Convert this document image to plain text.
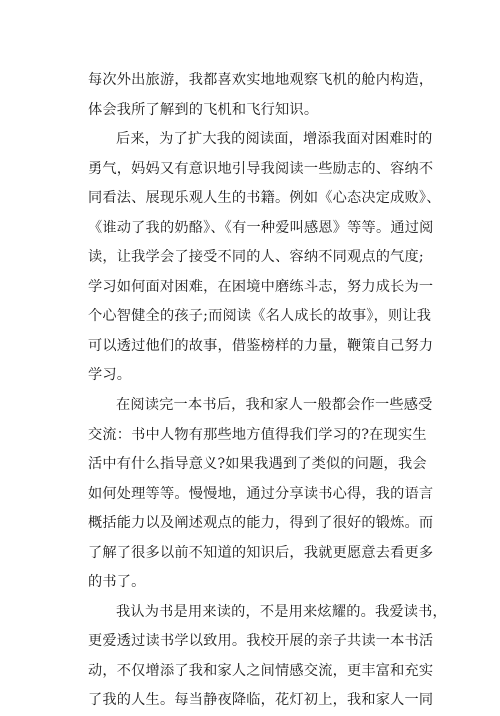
每次外出旅游，我都喜欢实地地观察飞机的舱内构造，
体会我所了解到的飞机和飞行知识。
后来，为了扩大我的阅读面，增添我面对困难时的
勇气，妈妈又有意识地引导我阅读一些励志的、容纳不
同看法、展现乐观人生的书籍。例如《心态决定成败》、
《谁动了我的奶酪》、《有一种爱叫感恩》等等。通过阅
读，让我学会了接受不同的人、容纳不同观点的气度;
学习如何面对困难，在困境中磨练斗志，努力成长为一
个心智健全的孩子;而阅读《名人成长的故事》，则让我
可以透过他们的故事，借鉴榜样的力量，鞭策自己努力
学习。
在阅读完一本书后，我和家人一般都会作一些感受
交流：书中人物有那些地方值得我们学习的?在现实生
活中有什么指导意义?如果我遇到了类似的问题，我会
如何处理等等。慢慢地，通过分享读书心得，我的语言
概括能力以及阐述观点的能力，得到了很好的锻炼。而
了解了很多以前不知道的知识后，我就更愿意去看更多
的书了。
我认为书是用来读的，不是用来炫耀的。我爱读书，
更爱透过读书学以致用。我校开展的亲子共读一本书活
动，不仅增添了我和家人之间情感交流，更丰富和充实
了我的人生。每当静夜降临，花灯初上，我和家人一同
